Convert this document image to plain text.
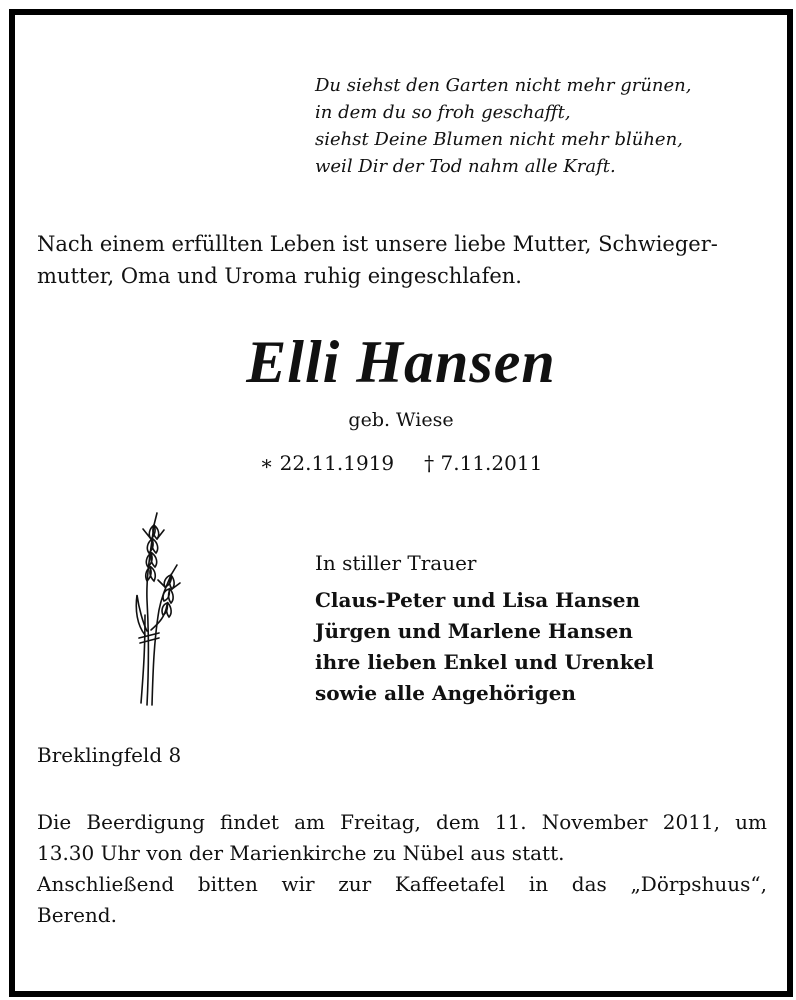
Du siehst den Garten nicht mehr grünen,
in dem du so froh geschafft,
siehst Deine Blumen nicht mehr blühen,
weil Dir der Tod nahm alle Kraft.
Nach einem erfüllten Leben ist unsere liebe Mutter, Schwieger-
mutter, Oma und Uroma ruhig eingeschlafen.
Elli Hansen
geb. Wiese
∗ 22.11.1919 † 7.11.2011
In stiller Trauer
Claus-Peter und Lisa Hansen
Jürgen und Marlene Hansen
ihre lieben Enkel und Urenkel
sowie alle Angehörigen
Breklingfeld 8
Die Beerdigung findet am Freitag, dem 11. November 2011, um
13.30 Uhr von der Marienkirche zu Nübel aus statt.
Anschließend bitten wir zur Kaffeetafel in das „Dörpshuus“,
Berend.
